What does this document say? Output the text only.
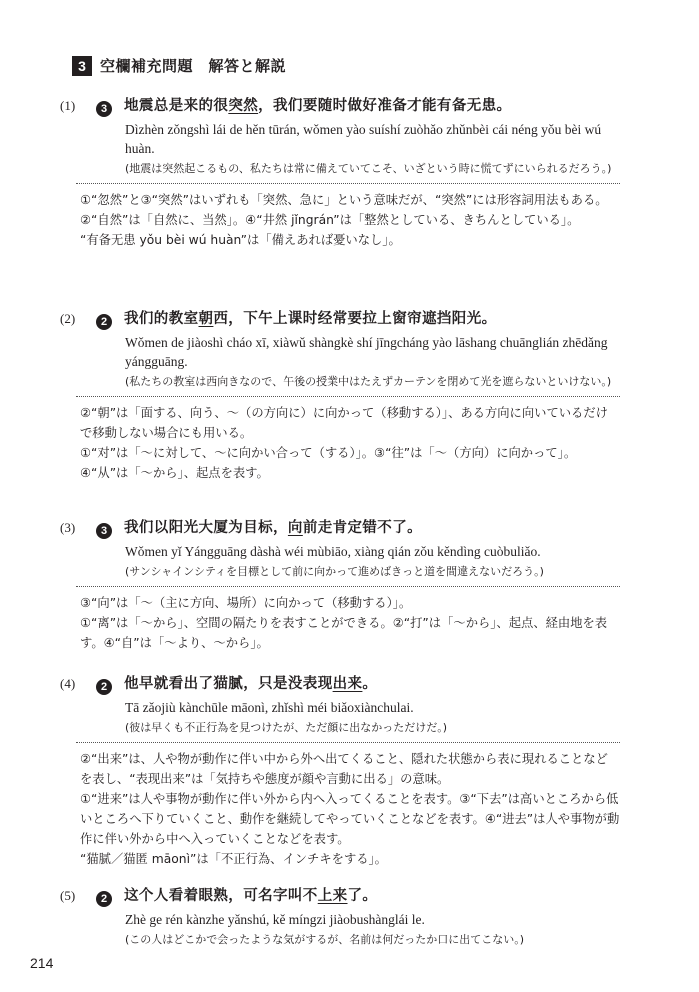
3 空欄補充問題　解答と解説
(1)	3	地震总是来的很突然，我们要随时做好准备才能有备无患。
Dìzhèn zǒngshì lái de hěn tūrán, wǒmen yào suíshí zuòhǎo zhǔnbèi cái néng yǒu bèi wú huàn.
(地震は突然起こるもの、私たちは常に備えていてこそ、いざという時に慌てずにいられるだろう。)

①“忽然”と③“突然”はいずれも「突然、急に」という意味だが、“突然”には形容詞用法もある。

②“自然”は「自然に、当然」。④“井然 jǐngrán”は「整然としている、きちんとしている」。

“有备无患 yǒu bèi wú huàn”は「備えあれば憂いなし」。

(2)	2	我们的教室朝西，下午上课时经常要拉上窗帘遮挡阳光。
Wǒmen de jiàoshì cháo xī, xiàwǔ shàngkè shí jīngcháng yào lāshang chuānglián zhēdǎng yángguāng.
(私たちの教室は西向きなので、午後の授業中はたえずカーテンを閉めて光を遮らないといけない。)

②“朝”は「面する、向う、〜（の方向に）に向かって（移動する）」、ある方向に向いているだけで移動しない場合にも用いる。

①“对”は「〜に対して、〜に向かい合って（する）」。③“往”は「〜（方向）に向かって」。

④“从”は「〜から」、起点を表す。

(3)	3	我们以阳光大厦为目标，向前走肯定错不了。
Wǒmen yǐ Yángguāng dàshà wéi mùbiāo, xiàng qián zǒu kěndìng cuòbuliǎo.
(サンシャインシティを目標として前に向かって進めばきっと道を間違えないだろう。)

③“向”は「〜（主に方向、場所）に向かって（移動する）」。

①“离”は「〜から」、空間の隔たりを表すことができる。②“打”は「〜から」、起点、経由地を表す。④“自”は「〜より、〜から」。

(4)	2	他早就看出了猫腻，只是没表现出来。
Tā zǎojiù kànchūle māonì, zhǐshì méi biǎoxiànchulai.
(彼は早くも不正行為を見つけたが、ただ顔に出なかっただけだ。)

②“出来”は、人や物が動作に伴い中から外へ出てくること、隠れた状態から表に現れることなどを表し、“表现出来”は「気持ちや態度が顔や言動に出る」の意味。

①“进来”は人や事物が動作に伴い外から内へ入ってくることを表す。③“下去”は高いところから低いところへ下りていくこと、動作を継続してやっていくことなどを表す。④“进去”は人や事物が動作に伴い外から中へ入っていくことなどを表す。

“猫腻／猫匿 māonì”は「不正行為、インチキをする」。

(5)	2	这个人看着眼熟，可名字叫不上来了。
Zhè ge rén kànzhe yǎnshú, kě míngzi jiàobushànglái le.
(この人はどこかで会ったような気がするが、名前は何だったか口に出てこない。)
214
